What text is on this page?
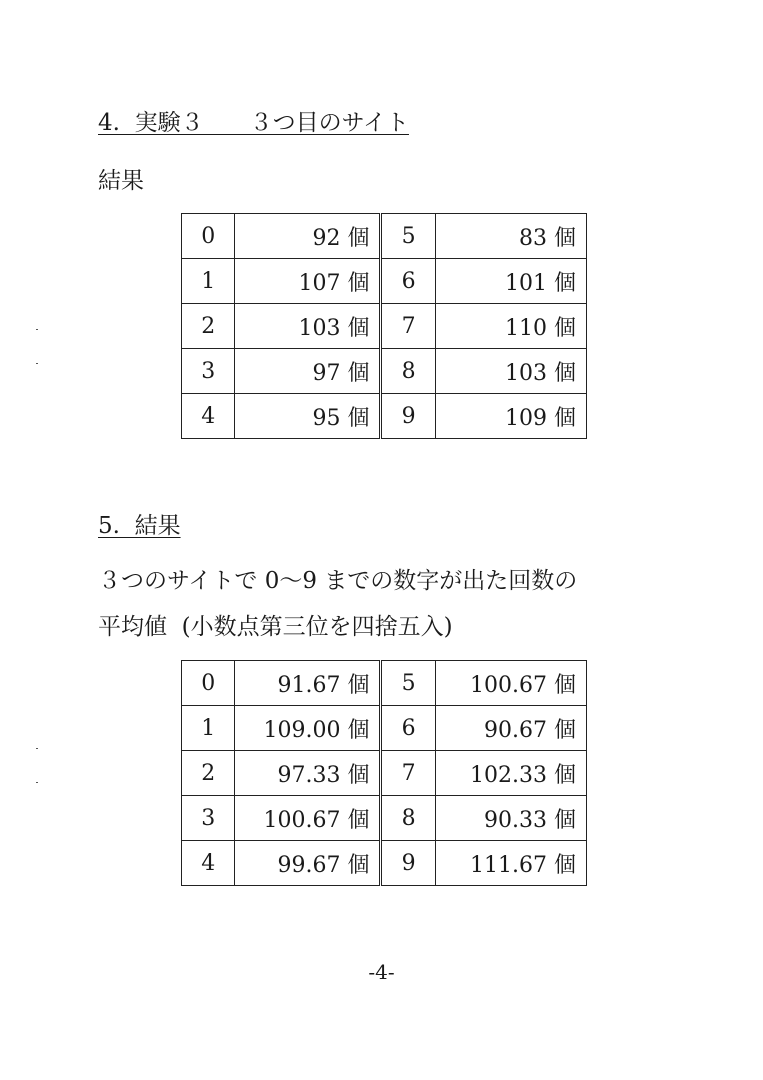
4.  実験３　　３つ目のサイト
結果
0	92 個	5	83 個
1	107 個	6	101 個
2	103 個	7	110 個
3	97 個	8	103 個
4	95 個	9	109 個
5.  結果
３つのサイトで 0〜9 までの数字が出た回数の
平均値  (小数点第三位を四捨五入)
0	91.67 個	5	100.67 個
1	109.00 個	6	90.67 個
2	97.33 個	7	102.33 個
3	100.67 個	8	90.33 個
4	99.67 個	9	111.67 個
-4-
